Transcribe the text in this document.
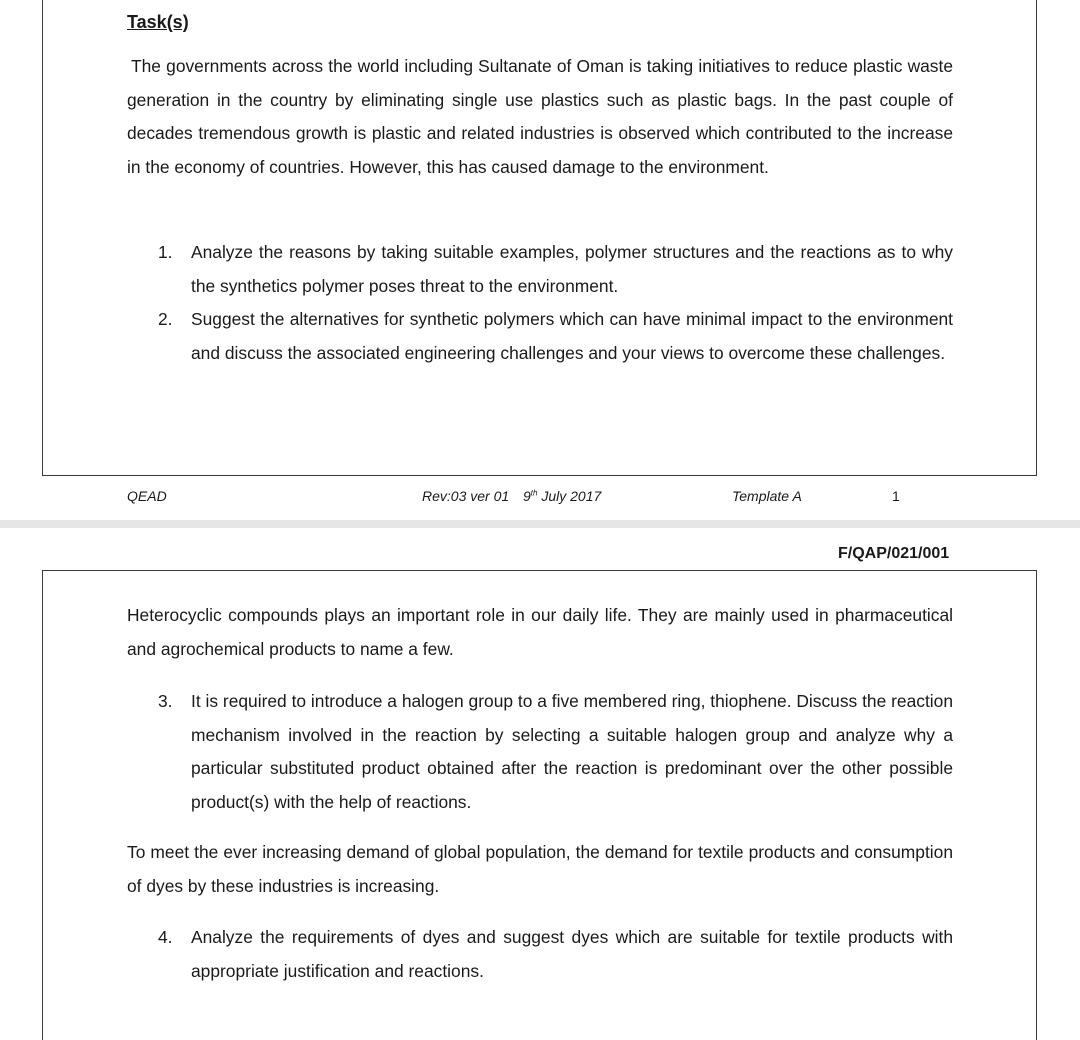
Task(s)

The governments across the world including Sultanate of Oman is taking initiatives to reduce plastic waste generation in the country by eliminating single use plastics such as plastic bags. In the past couple of decades tremendous growth is plastic and related industries is observed which contributed to the increase in the economy of countries. However, this has caused damage to the environment.

1.	Analyze the reasons by taking suitable examples, polymer structures and the reactions as to why the synthetics polymer poses threat to the environment.
2.	Suggest the alternatives for synthetic polymers which can have minimal impact to the environment and discuss the associated engineering challenges and your views to overcome these challenges.
QEAD	Rev:03 ver 01 9th July 2017	Template A	1
F/QAP/021/001

Heterocyclic compounds plays an important role in our daily life. They are mainly used in pharmaceutical and agrochemical products to name a few.

3.	It is required to introduce a halogen group to a five membered ring, thiophene. Discuss the reaction mechanism involved in the reaction by selecting a suitable halogen group and analyze why a particular substituted product obtained after the reaction is predominant over the other possible product(s) with the help of reactions.

To meet the ever increasing demand of global population, the demand for textile products and consumption of dyes by these industries is increasing.

4.	Analyze the requirements of dyes and suggest dyes which are suitable for textile products with appropriate justification and reactions.
